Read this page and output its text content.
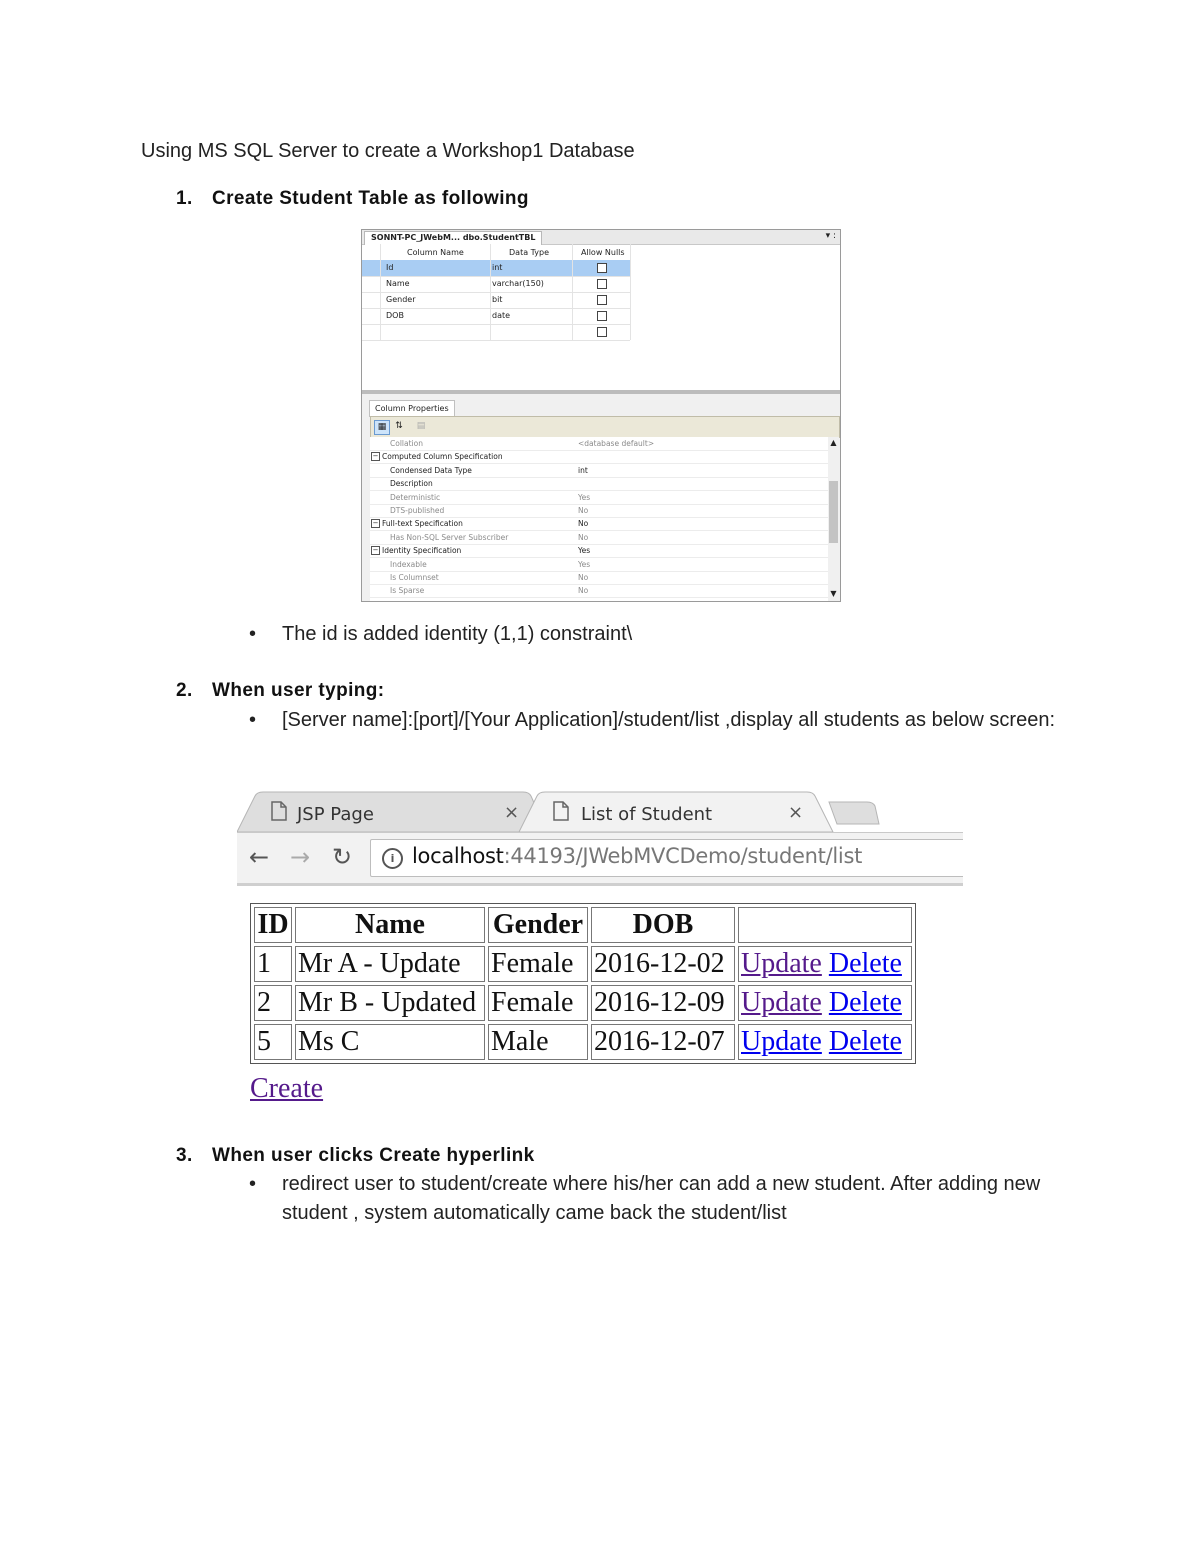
Using MS SQL Server to create a Workshop1 Database
1. Create Student Table as following
SONNT-PC_JWebM... dbo.StudentTBL	▾ :
Column Name	Data Type	Allow Nulls
Id	int
Name	varchar(150)
Gender	bit
DOB	date
Column Properties
▦ ⇅	▤
Collation	<database default>
− Computed Column Specification
Condensed Data Type	int
Description
Deterministic	Yes
DTS-published	No
− Full-text Specification	No
Has Non-SQL Server Subscriber	No
− Identity Specification	Yes
Indexable	Yes
Is Columnset	No
Is Sparse	No
▲
▼
• The id is added identity (1,1) constraint\
2. When user typing:
• [Server name]:[port]/[Your Application]/student/list ,display all students as below screen:
JSP Page	×	List of Student	×
← → ↻	i localhost:44193/JWebMVCDemo/student/list
ID	Name	Gender	DOB	
1	Mr A - Update	Female	2016-12-02	Update Delete
2	Mr B - Updated	Female	2016-12-09	Update Delete
5	Ms C	Male	2016-12-07	Update Delete
Create
3. When user clicks Create hyperlink
• redirect user to student/create where his/her can add a new student. After adding new student , system automatically came back the student/list
